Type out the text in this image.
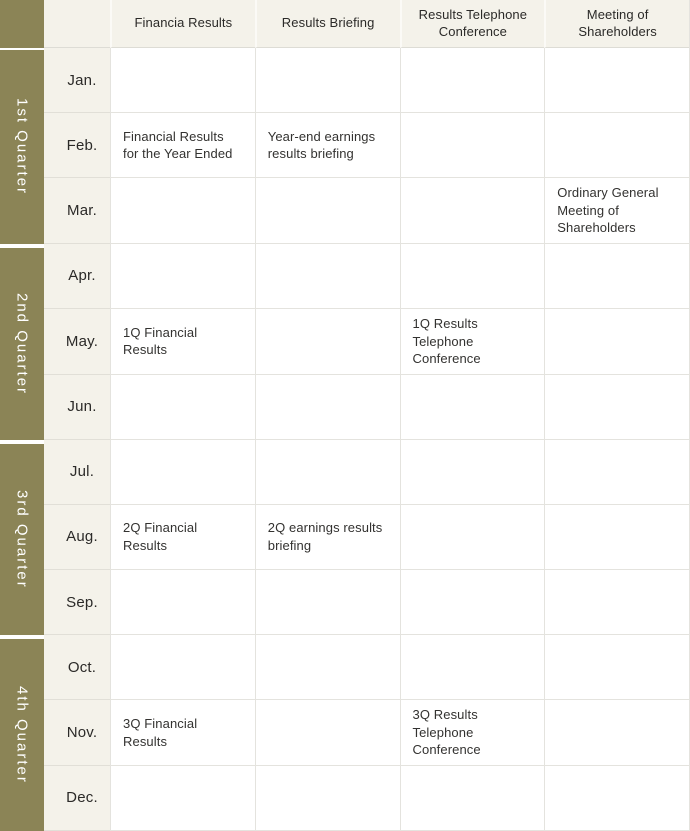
Financia Results	Results Briefing
Results Telephone Conference
Meeting of Shareholders
1st Quarter
2nd Quarter
3rd Quarter
4th Quarter
Jan.
Feb.
Financial Results for the Year Ended
Year-end earnings results briefing
Mar.
Ordinary General Meeting of Shareholders
Apr.
May.
1Q Financial Results
1Q Results Telephone Conference
Jun.
Jul.
Aug.
2Q Financial Results
2Q earnings results briefing
Sep.
Oct.
Nov.
3Q Financial Results
3Q Results Telephone Conference
Dec.
